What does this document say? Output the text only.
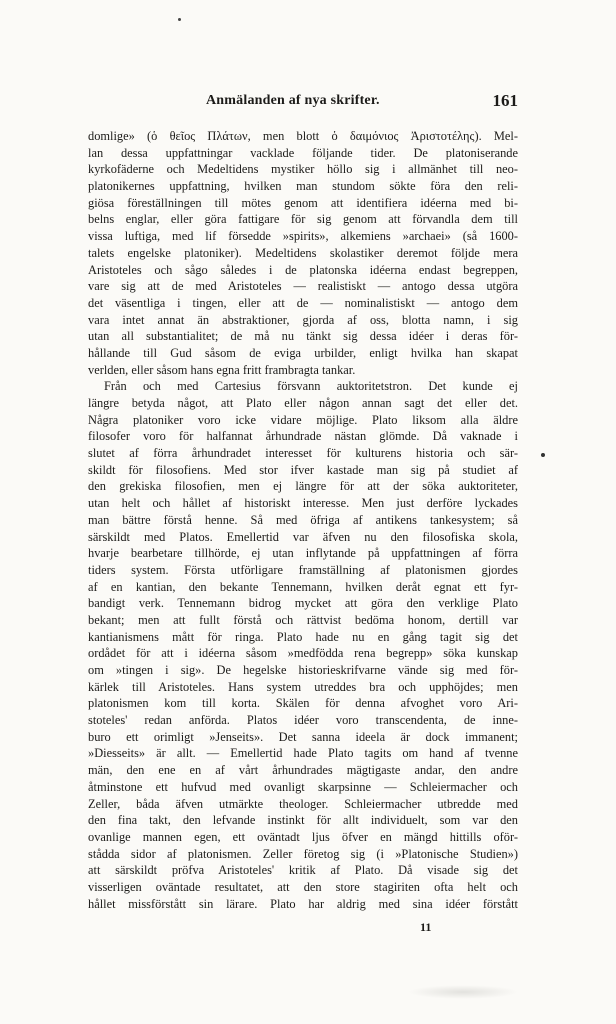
Anmälanden af nya skrifter.	161
domlige» (ὁ θεῖος Πλάτων, men blott ὁ δαιμόνιος Ἀριστοτέλης). Mel-
lan dessa uppfattningar vacklade följande tider. De platoniserande
kyrkofäderne och Medeltidens mystiker höllo sig i allmänhet till neo-
platonikernes uppfattning, hvilken man stundom sökte föra den reli-
giösa föreställningen till mötes genom att identifiera idéerna med bi-
belns englar, eller göra fattigare för sig genom att förvandla dem till
vissa luftiga, med lif försedde »spirits», alkemiens »archaei» (så 1600-
talets engelske platoniker). Medeltidens skolastiker deremot följde mera
Aristoteles och sågo således i de platonska idéerna endast begreppen,
vare sig att de med Aristoteles — realistiskt — antogo dessa utgöra
det väsentliga i tingen, eller att de — nominalistiskt — antogo dem
vara intet annat än abstraktioner, gjorda af oss, blotta namn, i sig
utan all substantialitet; de må nu tänkt sig dessa idéer i deras för-
hållande till Gud såsom de eviga urbilder, enligt hvilka han skapat
verlden, eller såsom hans egna fritt frambragta tankar.
Från och med Cartesius försvann auktoritetstron. Det kunde ej
längre betyda något, att Plato eller någon annan sagt det eller det.
Några platoniker voro icke vidare möjlige. Plato liksom alla äldre
filosofer voro för halfannat århundrade nästan glömde. Då vaknade i
slutet af förra århundradet interesset för kulturens historia och sär-
skildt för filosofiens. Med stor ifver kastade man sig på studiet af
den grekiska filosofien, men ej längre för att der söka auktoriteter,
utan helt och hållet af historiskt interesse. Men just derföre lyckades
man bättre förstå henne. Så med öfriga af antikens tankesystem; så
särskildt med Platos. Emellertid var äfven nu den filosofiska skola,
hvarje bearbetare tillhörde, ej utan inflytande på uppfattningen af förra
tiders system. Första utförligare framställning af platonismen gjordes
af en kantian, den bekante Tennemann, hvilken deråt egnat ett fyr-
bandigt verk. Tennemann bidrog mycket att göra den verklige Plato
bekant; men att fullt förstå och rättvist bedöma honom, dertill var
kantianismens mått för ringa. Plato hade nu en gång tagit sig det
ordådet för att i idéerna såsom »medföddа rena begrepp» söka kunskap
om »tingen i sig». De hegelske historieskrifvarne vände sig med för-
kärlek till Aristoteles. Hans system utreddes bra och upphöjdes; men
platonismen kom till korta. Skälen för denna afvoghet voro Ari-
stoteles' redan anförda. Platos idéer voro transcendenta, de inne-
buro ett orimligt »Jenseits». Det sanna ideela är dock immanent;
»Diesseits» är allt. — Emellertid hade Plato tagits om hand af tvenne
män, den ene en af vårt århundrades mägtigaste andar, den andre
åtminstone ett hufvud med ovanligt skarpsinne — Schleiermacher och
Zeller, båda äfven utmärkte theologer. Schleiermacher utbredde med
den fina takt, den lefvande instinkt för allt individuelt, som var den
ovanlige mannen egen, ett oväntadt ljus öfver en mängd hittills oför-
stådda sidor af platonismen. Zeller företog sig (i »Platonische Studien»)
att särskildt pröfva Aristoteles' kritik af Plato. Då visade sig det
visserligen oväntade resultatet, att den store stagiriten ofta helt och
hållet missförstått sin lärare. Plato har aldrig med sina idéer förstått
11
